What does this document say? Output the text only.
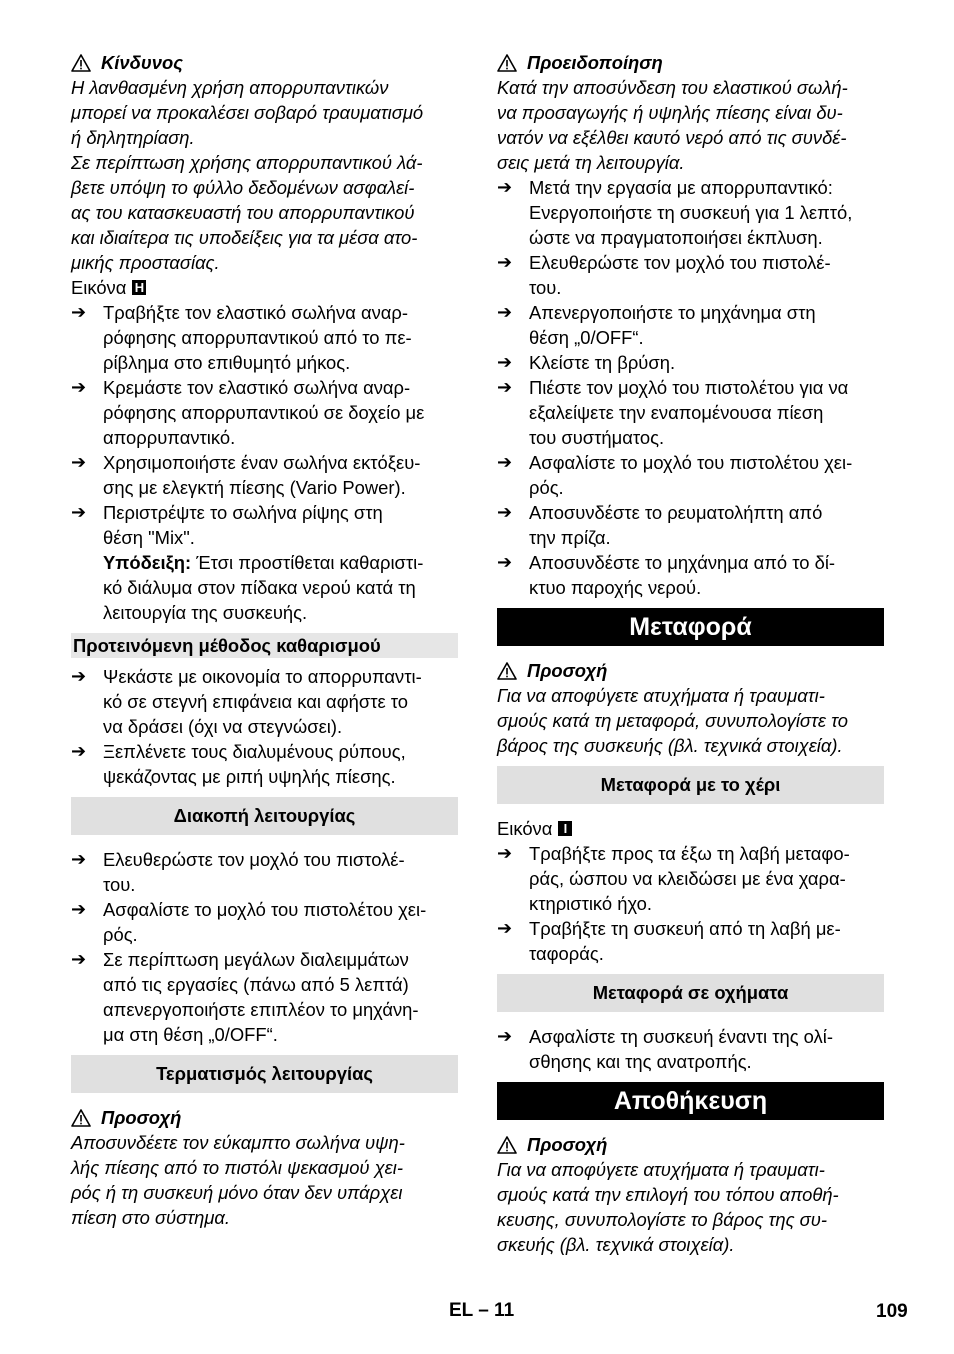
Κίνδυνος
Η λανθασμένη χρήση απορρυπαντικών
μπορεί να προκαλέσει σοβαρό τραυματισμό
ή δηλητηρίαση.
Σε περίπτωση χρήσης απορρυπαντικού λά-
βετε υπόψη το φύλλο δεδομένων ασφαλεί-
ας του κατασκευαστή του απορρυπαντικού
και ιδιαίτερα τις υποδείξεις για τα μέσα ατο-
μικής προστασίας.
Εικόνα H
➔ Τραβήξτε τον ελαστικό σωλήνα αναρ-
ρόφησης απορρυπαντικού από το πε-
ρίβλημα στο επιθυμητό μήκος.
➔ Κρεμάστε τον ελαστικό σωλήνα αναρ-
ρόφησης απορρυπαντικού σε δοχείο με
απορρυπαντικό.
➔ Χρησιμοποιήστε έναν σωλήνα εκτόξευ-
σης με ελεγκτή πίεσης (Vario Power).
➔ Περιστρέψτε το σωλήνα ρίψης στη
θέση "Mix".
Υπόδειξη: Έτσι προστίθεται καθαριστι-
κό διάλυμα στον πίδακα νερού κατά τη
λειτουργία της συσκευής.
Προτεινόμενη μέθοδος καθαρισμού
➔ Ψεκάστε με οικονομία το απορρυπαντι-
κό σε στεγνή επιφάνεια και αφήστε το
να δράσει (όχι να στεγνώσει).
➔ Ξεπλένετε τους διαλυμένους ρύπους,
ψεκάζοντας με ριπή υψηλής πίεσης.
Διακοπή λειτουργίας
➔ Ελευθερώστε τον μοχλό του πιστολέ-
του.
➔ Ασφαλίστε το μοχλό του πιστολέτου χει-
ρός.
➔ Σε περίπτωση μεγάλων διαλειμμάτων
από τις εργασίες (πάνω από 5 λεπτά)
απενεργοποιήστε επιπλέον το μηχάνη-
μα στη θέση „0/OFF“.
Τερματισμός λειτουργίας
Προσοχή
Αποσυνδέετε τον εύκαμπτο σωλήνα υψη-
λής πίεσης από το πιστόλι ψεκασμού χει-
ρός ή τη συσκευή μόνο όταν δεν υπάρχει
πίεση στο σύστημα.
Προειδοποίηση
Κατά την αποσύνδεση του ελαστικού σωλή-
να προσαγωγής ή υψηλής πίεσης είναι δυ-
νατόν να εξέλθει καυτό νερό από τις συνδέ-
σεις μετά τη λειτουργία.
➔ Μετά την εργασία με απορρυπαντικό:
Ενεργοποιήστε τη συσκευή για 1 λεπτό,
ώστε να πραγματοποιήσει έκπλυση.
➔ Ελευθερώστε τον μοχλό του πιστολέ-
του.
➔ Απενεργοποιήστε το μηχάνημα στη
θέση „0/OFF“.
➔ Κλείστε τη βρύση.
➔ Πιέστε τον μοχλό του πιστολέτου για να
εξαλείψετε την εναπομένουσα πίεση
του συστήματος.
➔ Ασφαλίστε το μοχλό του πιστολέτου χει-
ρός.
➔ Αποσυνδέστε το ρευματολήπτη από
την πρίζα.
➔ Αποσυνδέστε το μηχάνημα από το δί-
κτυο παροχής νερού.
Μεταφορά
Προσοχή
Για να αποφύγετε ατυχήματα ή τραυματι-
σμούς κατά τη μεταφορά, συνυπολογίστε το
βάρος της συσκευής (βλ. τεχνικά στοιχεία).
Μεταφορά με το χέρι
Εικόνα I
➔ Τραβήξτε προς τα έξω τη λαβή μεταφο-
ράς, ώσπου να κλειδώσει με ένα χαρα-
κτηριστικό ήχο.
➔ Τραβήξτε τη συσκευή από τη λαβή με-
ταφοράς.
Μεταφορά σε οχήματα
➔ Ασφαλίστε τη συσκευή έναντι της ολί-
σθησης και της ανατροπής.
Αποθήκευση
Προσοχή
Για να αποφύγετε ατυχήματα ή τραυματι-
σμούς κατά την επιλογή του τόπου αποθή-
κευσης, συνυπολογίστε το βάρος της συ-
σκευής (βλ. τεχνικά στοιχεία).
EL – 11	109
